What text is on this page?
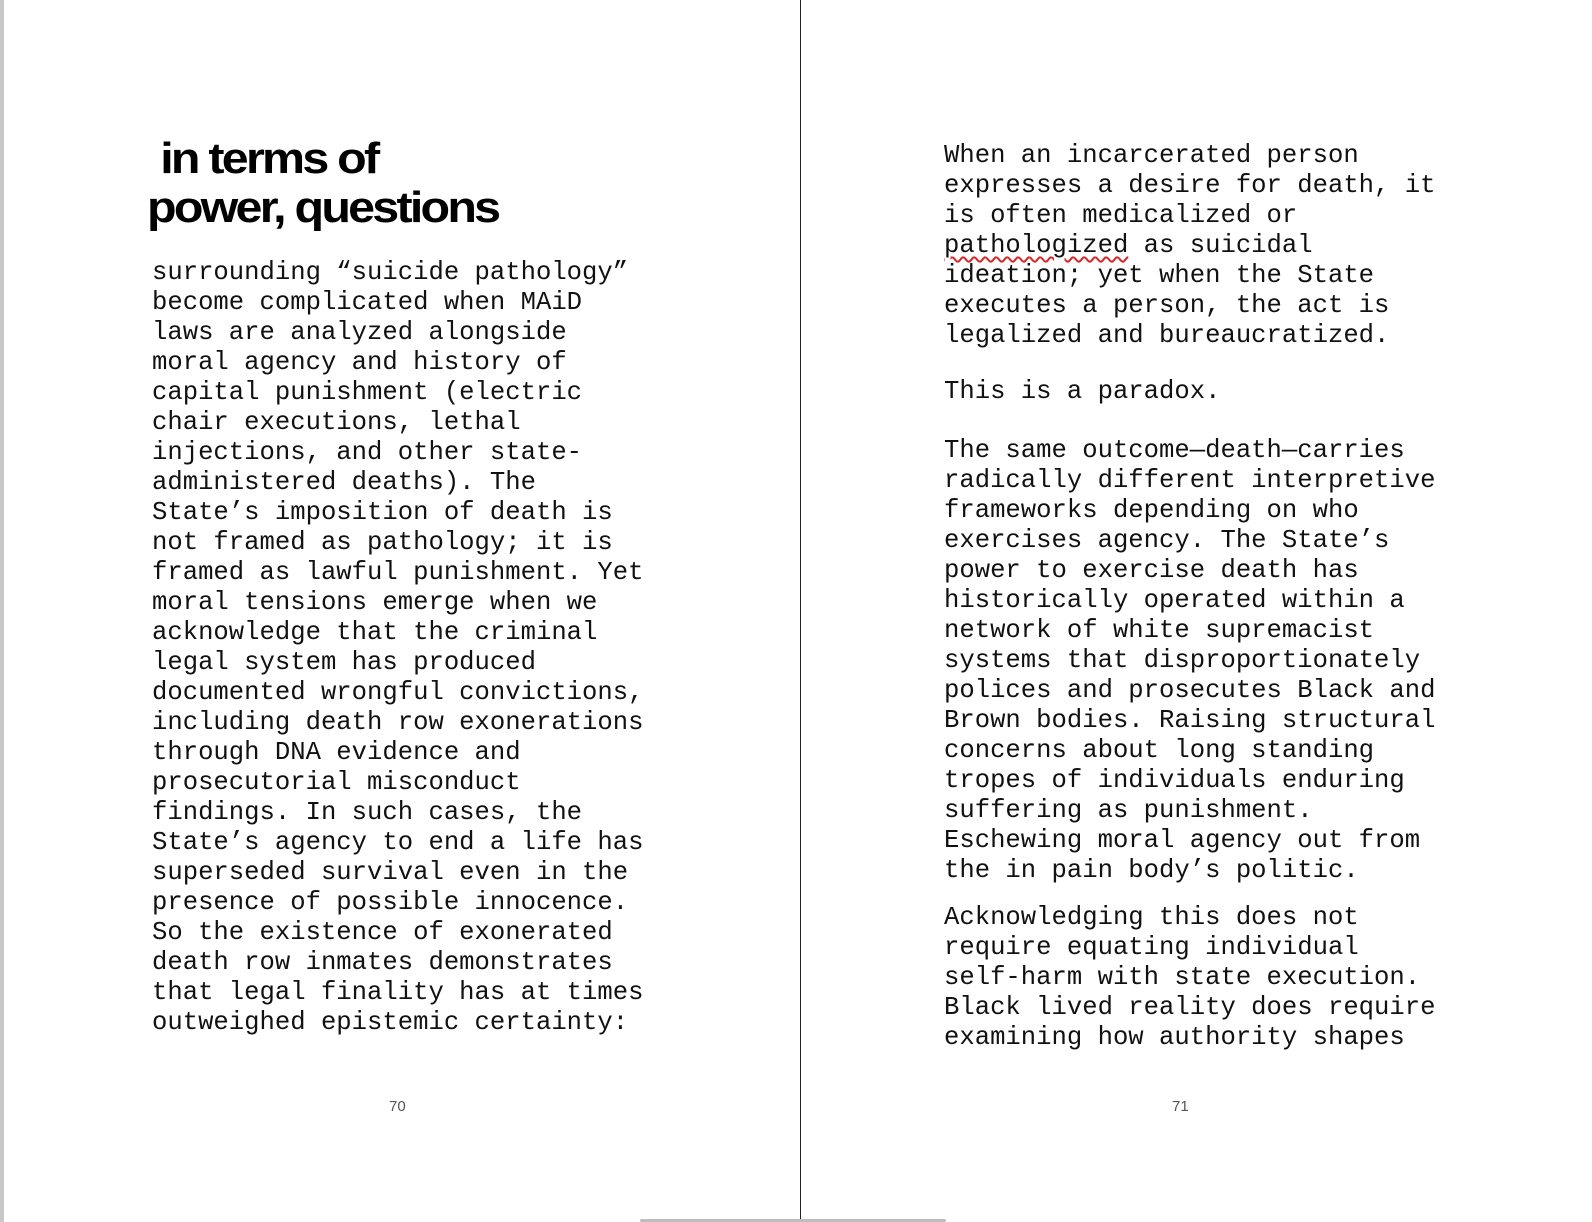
in terms of
power, questions

surrounding “suicide pathology”
become complicated when MAiD
laws are analyzed alongside
moral agency and history of
capital punishment (electric
chair executions, lethal
injections, and other state-
administered deaths). The
State’s imposition of death is
not framed as pathology; it is
framed as lawful punishment. Yet
moral tensions emerge when we
acknowledge that the criminal
legal system has produced
documented wrongful convictions,
including death row exonerations
through DNA evidence and
prosecutorial misconduct
findings. In such cases, the
State’s agency to end a life has
superseded survival even in the
presence of possible innocence.
So the existence of exonerated
death row inmates demonstrates
that legal finality has at times
outweighed epistemic certainty:

70

When an incarcerated person
expresses a desire for death, it
is often medicalized or
pathologized as suicidal
ideation; yet when the State
executes a person, the act is
legalized and bureaucratized.

This is a paradox.

The same outcome—death—carries
radically different interpretive
frameworks depending on who
exercises agency. The State’s
power to exercise death has
historically operated within a
network of white supremacist
systems that disproportionately
polices and prosecutes Black and
Brown bodies. Raising structural
concerns about long standing
tropes of individuals enduring
suffering as punishment.
Eschewing moral agency out from
the in pain body’s politic.

Acknowledging this does not
require equating individual
self-harm with state execution.
Black lived reality does require
examining how authority shapes

71
